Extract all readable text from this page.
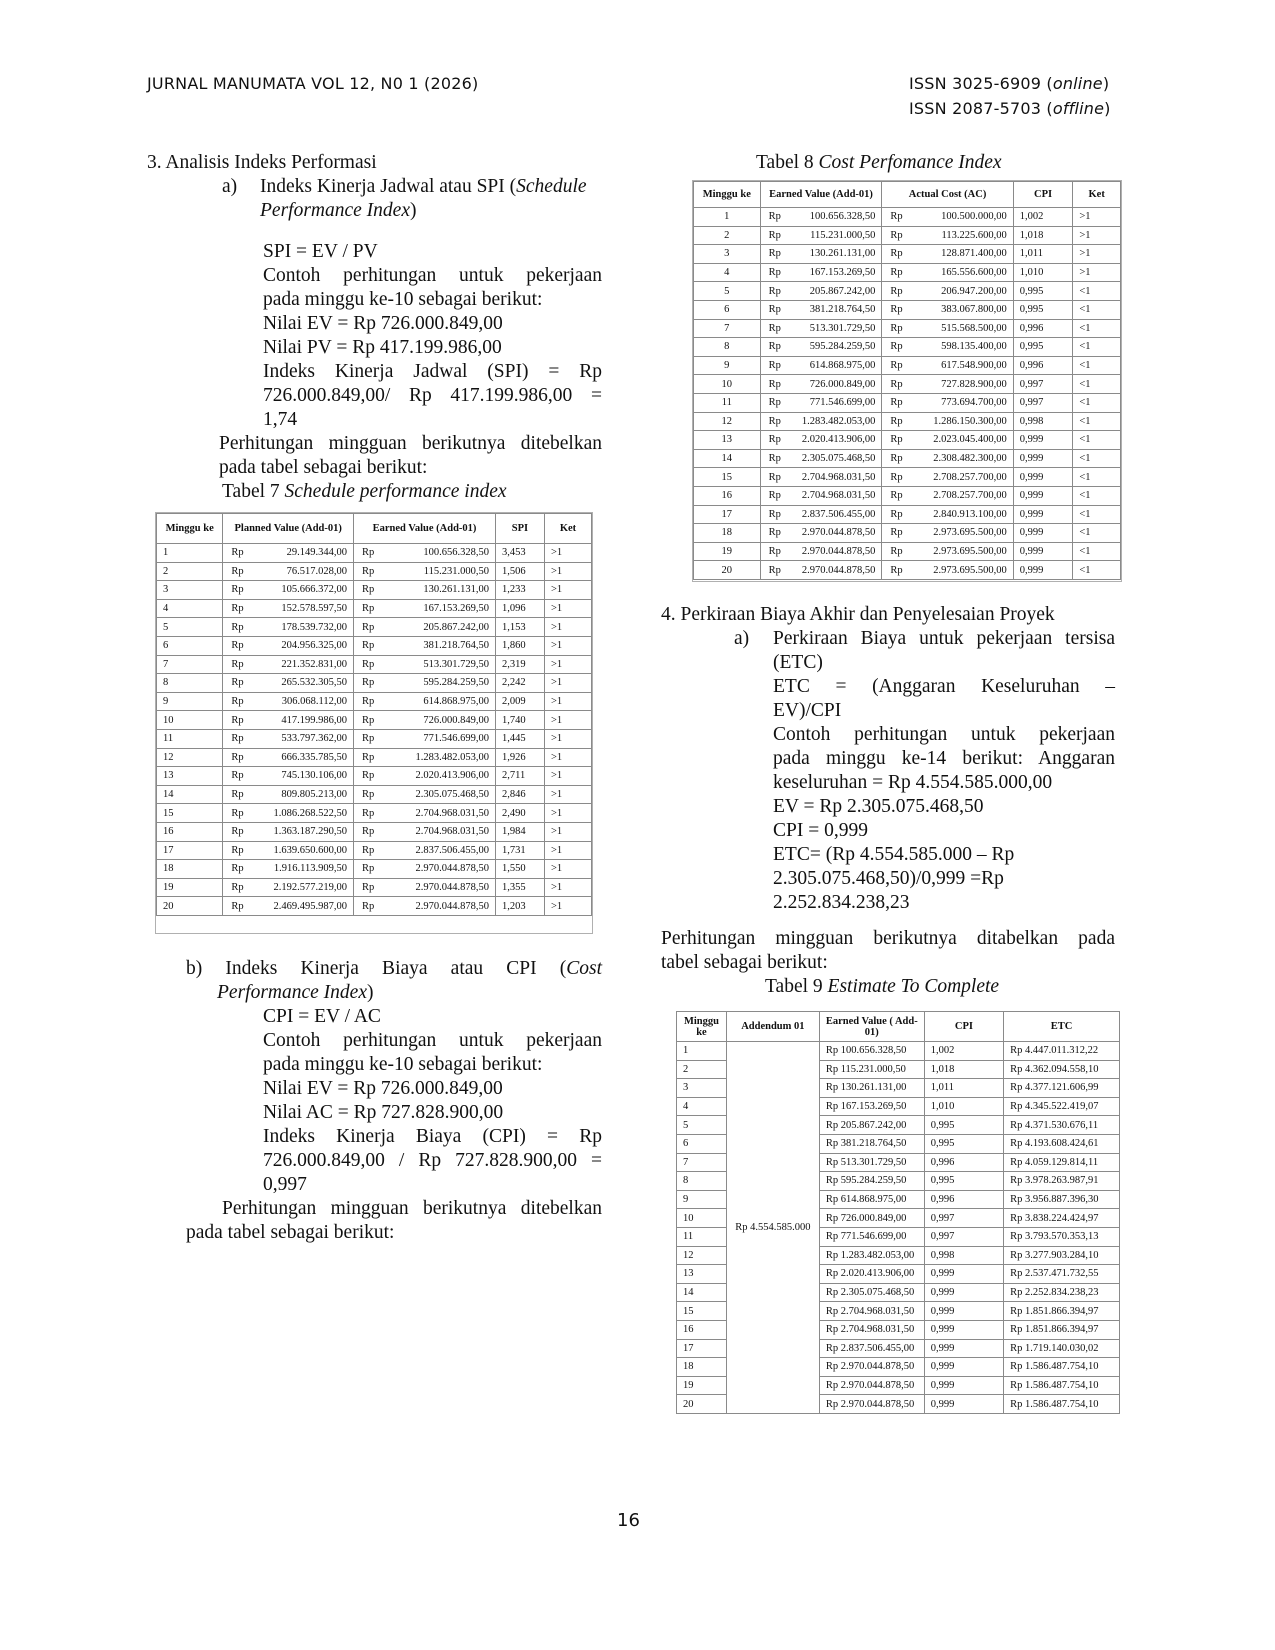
JURNAL MANUMATA VOL 12, N0 1 (2026)	ISSN 3025-6909 (online)
ISSN 2087-5703 (offline)
3. Analisis Indeks Performasi
a) Indeks Kinerja Jadwal atau SPI (Schedule
Performance Index)
SPI = EV / PV
Contoh perhitungan untuk pekerjaan
pada minggu ke-10 sebagai berikut:
Nilai EV = Rp 726.000.849,00
Nilai PV = Rp 417.199.986,00
Indeks Kinerja Jadwal (SPI) = Rp
726.000.849,00/ Rp 417.199.986,00 =
1,74
Perhitungan mingguan berikutnya ditebelkan
pada tabel sebagai berikut:
Tabel 7 Schedule performance index
Minggu ke	Planned Value (Add-01)		Earned Value (Add-01)		SPI	Ket
1	Rp	29.149.344,00	Rp	100.656.328,50	3,453	>1
2	Rp	76.517.028,00	Rp	115.231.000,50	1,506	>1
3	Rp	105.666.372,00	Rp	130.261.131,00	1,233	>1
4	Rp	152.578.597,50	Rp	167.153.269,50	1,096	>1
5	Rp	178.539.732,00	Rp	205.867.242,00	1,153	>1
6	Rp	204.956.325,00	Rp	381.218.764,50	1,860	>1
7	Rp	221.352.831,00	Rp	513.301.729,50	2,319	>1
8	Rp	265.532.305,50	Rp	595.284.259,50	2,242	>1
9	Rp	306.068.112,00	Rp	614.868.975,00	2,009	>1
10	Rp	417.199.986,00	Rp	726.000.849,00	1,740	>1
11	Rp	533.797.362,00	Rp	771.546.699,00	1,445	>1
12	Rp	666.335.785,50	Rp	1.283.482.053,00	1,926	>1
13	Rp	745.130.106,00	Rp	2.020.413.906,00	2,711	>1
14	Rp	809.805.213,00	Rp	2.305.075.468,50	2,846	>1
15	Rp	1.086.268.522,50	Rp	2.704.968.031,50	2,490	>1
16	Rp	1.363.187.290,50	Rp	2.704.968.031,50	1,984	>1
17	Rp	1.639.650.600,00	Rp	2.837.506.455,00	1,731	>1
18	Rp	1.916.113.909,50	Rp	2.970.044.878,50	1,550	>1
19	Rp	2.192.577.219,00	Rp	2.970.044.878,50	1,355	>1
20	Rp	2.469.495.987,00	Rp	2.970.044.878,50	1,203	>1
b) Indeks Kinerja Biaya atau CPI (Cost
Performance Index)
CPI = EV / AC
Contoh perhitungan untuk pekerjaan
pada minggu ke-10 sebagai berikut:
Nilai EV = Rp 726.000.849,00
Nilai AC = Rp 727.828.900,00
Indeks Kinerja Biaya (CPI) = Rp
726.000.849,00 / Rp 727.828.900,00 =
0,997
Perhitungan mingguan berikutnya ditebelkan
pada tabel sebagai berikut:
Tabel 8 Cost Perfomance Index
Minggu ke	Earned Value (Add-01)		Actual Cost (AC)		CPI	Ket
1	Rp	100.656.328,50	Rp	100.500.000,00	1,002	>1
2	Rp	115.231.000,50	Rp	113.225.600,00	1,018	>1
3	Rp	130.261.131,00	Rp	128.871.400,00	1,011	>1
4	Rp	167.153.269,50	Rp	165.556.600,00	1,010	>1
5	Rp	205.867.242,00	Rp	206.947.200,00	0,995	<1
6	Rp	381.218.764,50	Rp	383.067.800,00	0,995	<1
7	Rp	513.301.729,50	Rp	515.568.500,00	0,996	<1
8	Rp	595.284.259,50	Rp	598.135.400,00	0,995	<1
9	Rp	614.868.975,00	Rp	617.548.900,00	0,996	<1
10	Rp	726.000.849,00	Rp	727.828.900,00	0,997	<1
11	Rp	771.546.699,00	Rp	773.694.700,00	0,997	<1
12	Rp	1.283.482.053,00	Rp	1.286.150.300,00	0,998	<1
13	Rp	2.020.413.906,00	Rp	2.023.045.400,00	0,999	<1
14	Rp	2.305.075.468,50	Rp	2.308.482.300,00	0,999	<1
15	Rp	2.704.968.031,50	Rp	2.708.257.700,00	0,999	<1
16	Rp	2.704.968.031,50	Rp	2.708.257.700,00	0,999	<1
17	Rp	2.837.506.455,00	Rp	2.840.913.100,00	0,999	<1
18	Rp	2.970.044.878,50	Rp	2.973.695.500,00	0,999	<1
19	Rp	2.970.044.878,50	Rp	2.973.695.500,00	0,999	<1
20	Rp	2.970.044.878,50	Rp	2.973.695.500,00	0,999	<1
4. Perkiraan Biaya Akhir dan Penyelesaian Proyek
a) Perkiraan Biaya untuk pekerjaan tersisa
(ETC)
ETC = (Anggaran Keseluruhan –
EV)/CPI
Contoh perhitungan untuk pekerjaan
pada minggu ke-14 berikut: Anggaran
keseluruhan = Rp 4.554.585.000,00
EV = Rp 2.305.075.468,50
CPI = 0,999
ETC= (Rp 4.554.585.000 – Rp
2.305.075.468,50)/0,999 =Rp
2.252.834.238,23
Perhitungan mingguan berikutnya ditabelkan pada
tabel sebagai berikut:
Tabel 9 Estimate To Complete
Minggu ke	Addendum 01	Earned Value ( Add-01)	CPI	ETC
1	Rp 4.554.585.000	Rp 100.656.328,50	1,002	Rp 4.447.011.312,22
2		Rp 115.231.000,50	1,018	Rp 4.362.094.558,10
3		Rp 130.261.131,00	1,011	Rp 4.377.121.606,99
4		Rp 167.153.269,50	1,010	Rp 4.345.522.419,07
5		Rp 205.867.242,00	0,995	Rp 4.371.530.676,11
6		Rp 381.218.764,50	0,995	Rp 4.193.608.424,61
7		Rp 513.301.729,50	0,996	Rp 4.059.129.814,11
8		Rp 595.284.259,50	0,995	Rp 3.978.263.987,91
9		Rp 614.868.975,00	0,996	Rp 3.956.887.396,30
10		Rp 726.000.849,00	0,997	Rp 3.838.224.424,97
11		Rp 771.546.699,00	0,997	Rp 3.793.570.353,13
12		Rp 1.283.482.053,00	0,998	Rp 3.277.903.284,10
13		Rp 2.020.413.906,00	0,999	Rp 2.537.471.732,55
14		Rp 2.305.075.468,50	0,999	Rp 2.252.834.238,23
15		Rp 2.704.968.031,50	0,999	Rp 1.851.866.394,97
16		Rp 2.704.968.031,50	0,999	Rp 1.851.866.394,97
17		Rp 2.837.506.455,00	0,999	Rp 1.719.140.030,02
18		Rp 2.970.044.878,50	0,999	Rp 1.586.487.754,10
19		Rp 2.970.044.878,50	0,999	Rp 1.586.487.754,10
20		Rp 2.970.044.878,50	0,999	Rp 1.586.487.754,10
16
